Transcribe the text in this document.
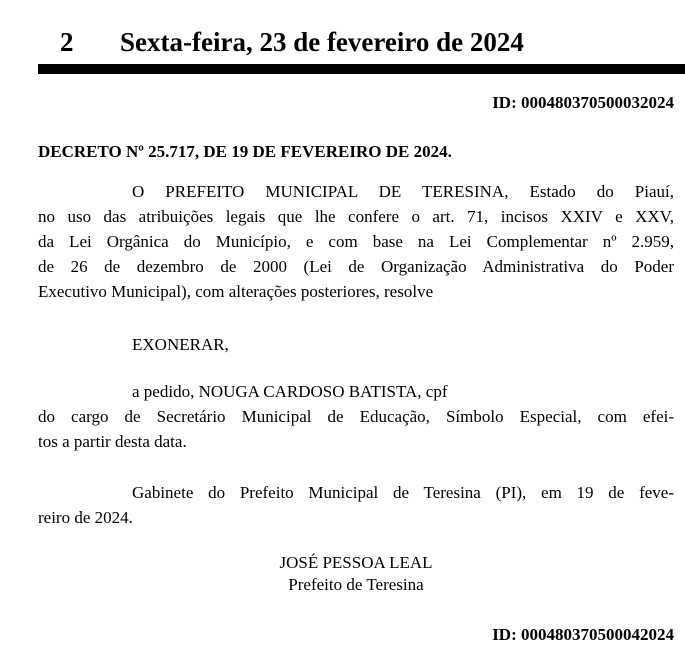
2 Sexta-feira, 23 de fevereiro de 2024
ID: 000480370500032024
DECRETO Nº 25.717, DE 19 DE FEVEREIRO DE 2024.
O PREFEITO MUNICIPAL DE TERESINA, Estado do Piauí,
no uso das atribuições legais que lhe confere o art. 71, incisos XXIV e XXV,
da Lei Orgânica do Município, e com base na Lei Complementar nº 2.959,
de 26 de dezembro de 2000 (Lei de Organização Administrativa do Poder
Executivo Municipal), com alterações posteriores, resolve
EXONERAR,
a pedido, NOUGA CARDOSO BATISTA, cpf
do cargo de Secretário Municipal de Educação, Símbolo Especial, com efei-
tos a partir desta data.
Gabinete do Prefeito Municipal de Teresina (PI), em 19 de feve-
reiro de 2024.
JOSÉ PESSOA LEAL
Prefeito de Teresina
ID: 000480370500042024
